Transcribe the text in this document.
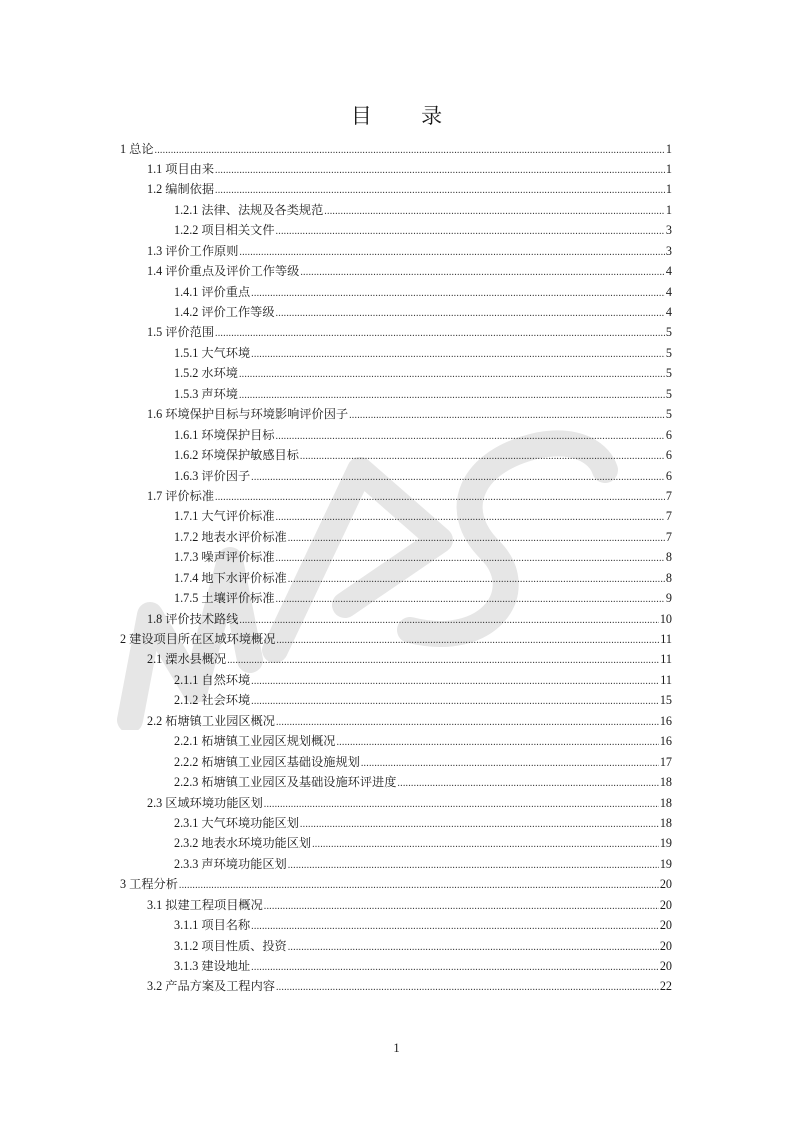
目 录
1 总论 .....	1
1.1 项目由来 .....	1
1.2 编制依据 .....	1
1.2.1 法律、法规及各类规范 .....	1
1.2.2 项目相关文件 .....	3
1.3 评价工作原则 .....	3
1.4 评价重点及评价工作等级 .....	4
1.4.1 评价重点 .....	4
1.4.2 评价工作等级 .....	4
1.5 评价范围 .....	5
1.5.1 大气环境 .....	5
1.5.2 水环境 .....	5
1.5.3 声环境 .....	5
1.6 环境保护目标与环境影响评价因子 .....	5
1.6.1 环境保护目标 .....	6
1.6.2 环境保护敏感目标 .....	6
1.6.3 评价因子 .....	6
1.7 评价标准 .....	7
1.7.1 大气评价标准 .....	7
1.7.2 地表水评价标准 .....	7
1.7.3 噪声评价标准 .....	8
1.7.4 地下水评价标准 .....	8
1.7.5 土壤评价标准 .....	9
1.8 评价技术路线 .....	10
2 建设项目所在区域环境概况 .....	11
2.1 溧水县概况 .....	11
2.1.1 自然环境 .....	11
2.1.2 社会环境 .....	15
2.2 柘塘镇工业园区概况 .....	16
2.2.1 柘塘镇工业园区规划概况 .....	16
2.2.2 柘塘镇工业园区基础设施规划 .....	17
2.2.3 柘塘镇工业园区及基础设施环评进度 .....	18
2.3 区域环境功能区划 .....	18
2.3.1 大气环境功能区划 .....	18
2.3.2 地表水环境功能区划 .....	19
2.3.3 声环境功能区划 .....	19
3 工程分析 .....	20
3.1 拟建工程项目概况 .....	20
3.1.1 项目名称 .....	20
3.1.2 项目性质、投资 .....	20
3.1.3 建设地址 .....	20
3.2 产品方案及工程内容 .....	22
1
